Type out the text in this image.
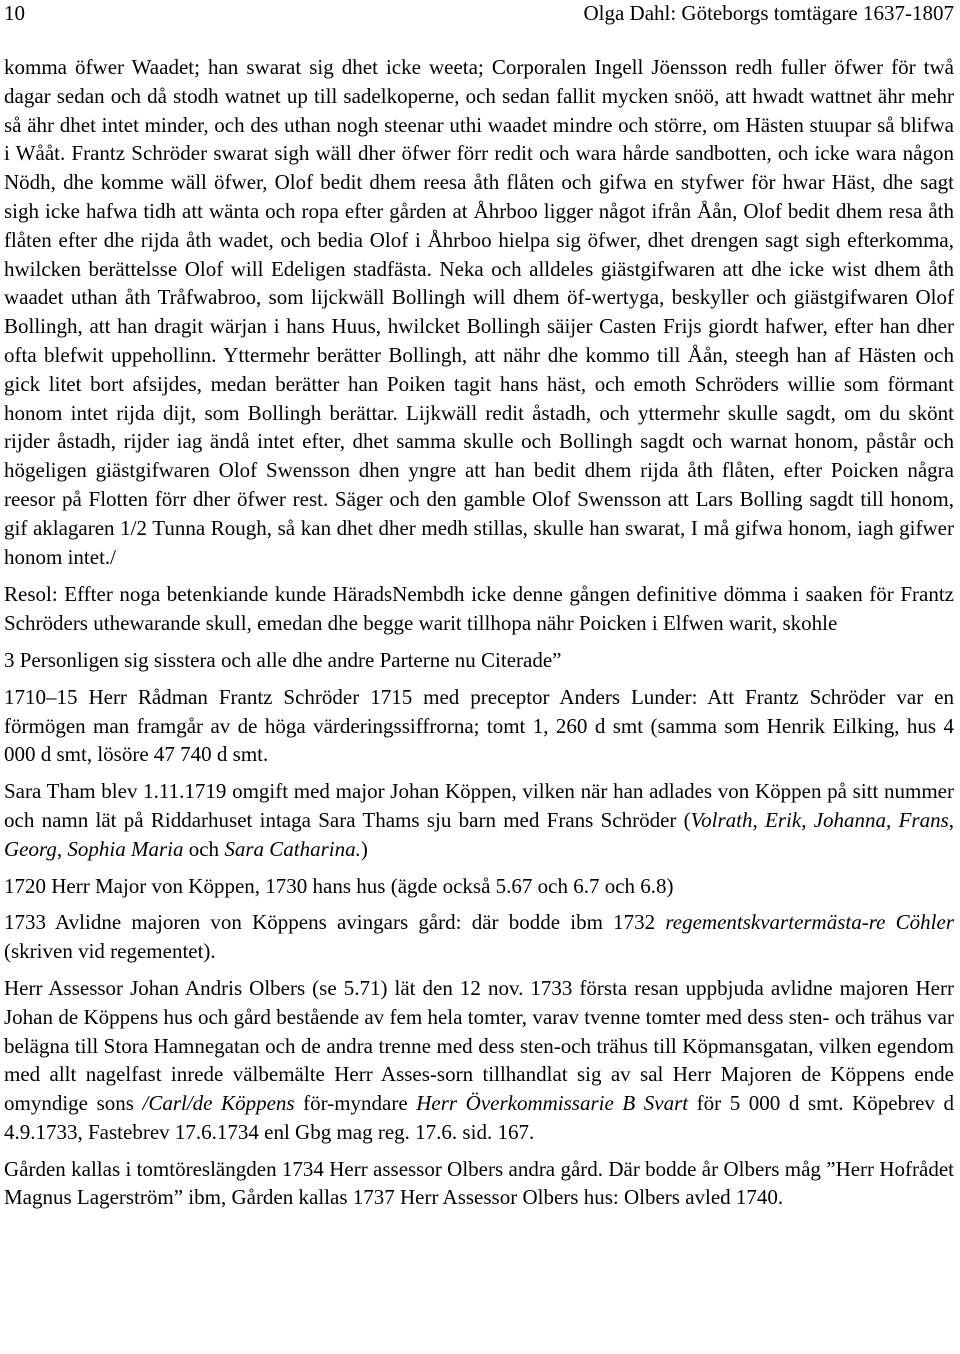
10	Olga Dahl: Göteborgs tomtägare 1637-1807

komma öfwer Waadet; han swarat sig dhet icke weeta; Corporalen Ingell Jöensson redh fuller öfwer för twå dagar sedan och då stodh watnet up till sadelkoperne, och sedan fallit mycken snöö, att hwadt wattnet ähr mehr så ähr dhet intet minder, och des uthan nogh steenar uthi waadet mindre och större, om Hästen stuupar så blifwa i Wååt. Frantz Schröder swarat sigh wäll dher öfwer förr redit och wara hårde sandbotten, och icke wara någon Nödh, dhe komme wäll öfwer, Olof bedit dhem reesa åth flåten och gifwa en styfwer för hwar Häst, dhe sagt sigh icke hafwa tidh att wänta och ropa efter gården at Åhrboo ligger något ifrån Åån, Olof bedit dhem resa åth flåten efter dhe rijda åth wadet, och bedia Olof i Åhrboo hielpa sig öfwer, dhet drengen sagt sigh efterkomma, hwilcken berättelsse Olof will Edeligen stadfästa. Neka och alldeles giästgifwaren att dhe icke wist dhem åth waadet uthan åth Tråfwabroo, som lijckwäll Bollingh will dhem öf-wertyga, beskyller och giästgifwaren Olof Bollingh, att han dragit wärjan i hans Huus, hwilcket Bollingh säijer Casten Frijs giordt hafwer, efter han dher ofta blefwit uppehollinn. Yttermehr berätter Bollingh, att nähr dhe kommo till Åån, steegh han af Hästen och gick litet bort afsijdes, medan berätter han Poiken tagit hans häst, och emoth Schröders willie som förmant honom intet rijda dijt, som Bollingh berättar. Lijkwäll redit åstadh, och yttermehr skulle sagdt, om du skönt rijder åstadh, rijder iag ändå intet efter, dhet samma skulle och Bollingh sagdt och warnat honom, påstår och högeligen giästgifwaren Olof Swensson dhen yngre att han bedit dhem rijda åth flåten, efter Poicken några reesor på Flotten förr dher öfwer rest. Säger och den gamble Olof Swensson att Lars Bolling sagdt till honom, gif aklagaren 1/2 Tunna Rough, så kan dhet dher medh stillas, skulle han swarat, I må gifwa honom, iagh gifwer honom intet./

Resol: Effter noga betenkiande kunde HäradsNembdh icke denne gången definitive dömma i saaken för Frantz Schröders uthewarande skull, emedan dhe begge warit tillhopa nähr Poicken i Elfwen warit, skohle

3 Personligen sig sisstera och alle dhe andre Parterne nu Citerade”

1710–15 Herr Rådman Frantz Schröder 1715 med preceptor Anders Lunder: Att Frantz Schröder var en förmögen man framgår av de höga värderingssiffrorna; tomt 1, 260 d smt (samma som Henrik Eilking, hus 4 000 d smt, lösöre 47 740 d smt.

Sara Tham blev 1.11.1719 omgift med major Johan Köppen, vilken när han adlades von Köppen på sitt nummer och namn lät på Riddarhuset intaga Sara Thams sju barn med Frans Schröder (Volrath, Erik, Johanna, Frans, Georg, Sophia Maria och Sara Catharina.)

1720 Herr Major von Köppen, 1730 hans hus (ägde också 5.67 och 6.7 och 6.8)

1733 Avlidne majoren von Köppens avingars gård: där bodde ibm 1732 regementskvartermästa-re Cöhler (skriven vid regementet).

Herr Assessor Johan Andris Olbers (se 5.71) lät den 12 nov. 1733 första resan uppbjuda avlidne majoren Herr Johan de Köppens hus och gård bestående av fem hela tomter, varav tvenne tomter med dess sten- och trähus var belägna till Stora Hamnegatan och de andra trenne med dess sten-och trähus till Köpmansgatan, vilken egendom med allt nagelfast inrede välbemälte Herr Asses-sorn tillhandlat sig av sal Herr Majoren de Köppens ende omyndige sons /Carl/de Köppens för-myndare Herr Överkommissarie B Svart för 5 000 d smt. Köpebrev d 4.9.1733, Fastebrev 17.6.1734 enl Gbg mag reg. 17.6. sid. 167.

Gården kallas i tomtöreslängden 1734 Herr assessor Olbers andra gård. Där bodde år Olbers måg ”Herr Hofrådet Magnus Lagerström” ibm, Gården kallas 1737 Herr Assessor Olbers hus: Olbers avled 1740.
